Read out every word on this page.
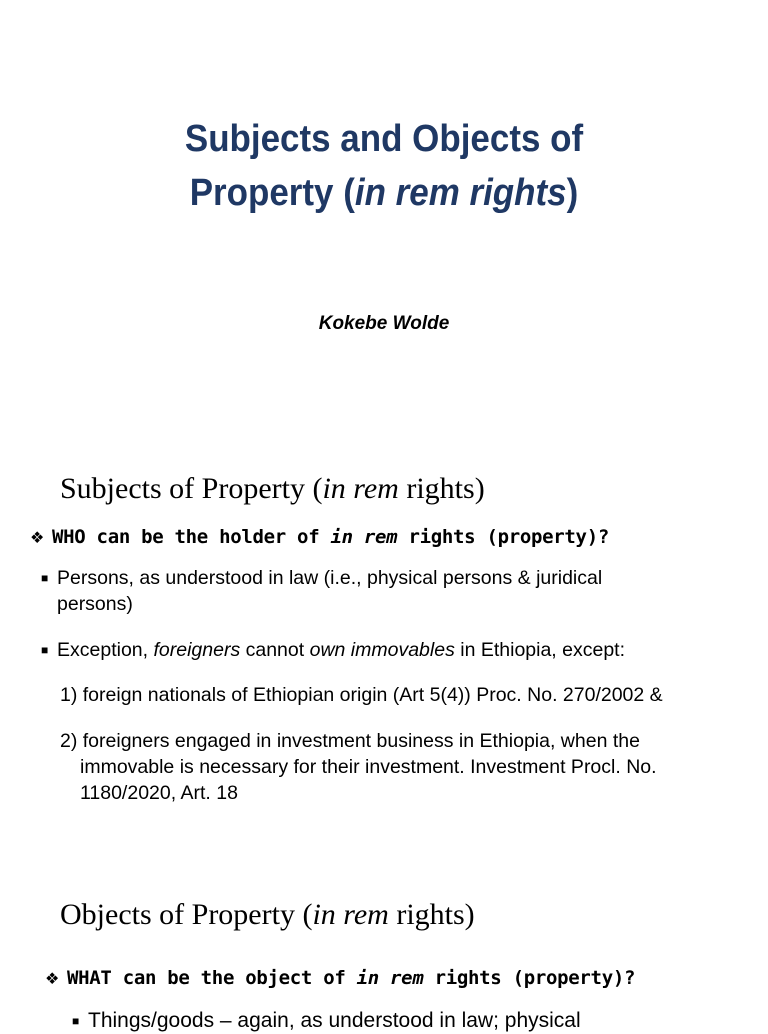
Subjects and Objects of
Property (in rem rights)

Kokebe Wolde

Subjects of Property (in rem rights)

❖ WHO can be the holder of in rem rights (property)?

■ Persons, as understood in law (i.e., physical persons & juridical
persons)

■ Exception, foreigners cannot own immovables in Ethiopia, except:

1) foreign nationals of Ethiopian origin (Art 5(4)) Proc. No. 270/2002 &

2) foreigners engaged in investment business in Ethiopia, when the
immovable is necessary for their investment. Investment Procl. No.
1180/2020, Art. 18

Objects of Property (in rem rights)

❖ WHAT can be the object of in rem rights (property)?

■ Things/goods – again, as understood in law; physical
